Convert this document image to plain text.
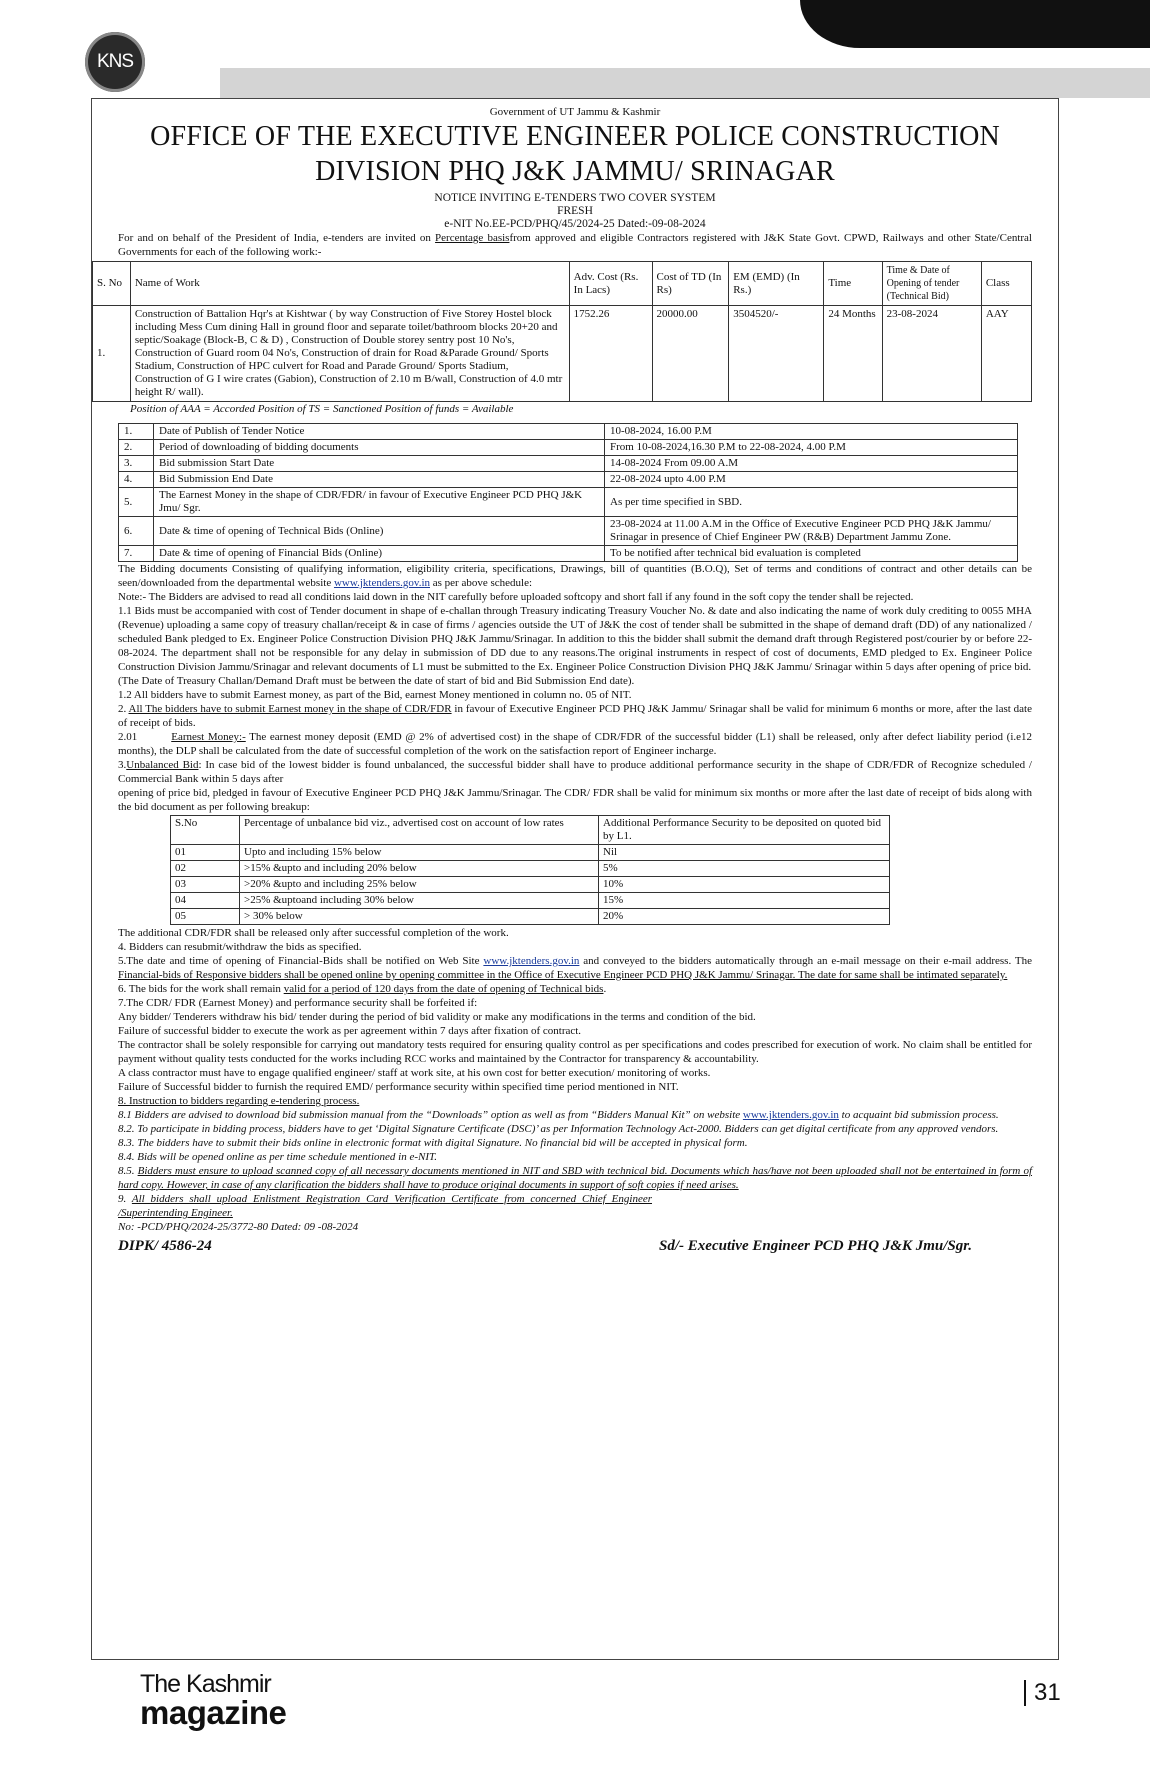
KNS
Government of UT Jammu & Kashmir
OFFICE OF THE EXECUTIVE ENGINEER POLICE CONSTRUCTION
DIVISION PHQ J&K JAMMU/ SRINAGAR
NOTICE INVITING E-TENDERS TWO COVER SYSTEM
FRESH
e-NIT No.EE-PCD/PHQ/45/2024-25 Dated:-09-08-2024

For and on behalf of the President of India, e-tenders are invited on Percentage basisfrom approved and eligible Contractors registered with J&K State Govt. CPWD, Railways and other State/Central Governments for each of the following work:-

S. No	Name of Work	Adv. Cost (Rs. In Lacs)	Cost of TD (In Rs)	EM (EMD) (In Rs.)	Time	Time & Date of Opening of tender (Technical Bid)	Class
1.	Construction of Battalion Hqr's at Kishtwar ( by way Construction of Five Storey Hostel block including Mess Cum dining Hall in ground floor and separate toilet/bathroom blocks 20+20 and septic/Soakage (Block-B, C & D) , Construction of Double storey sentry post 10 No's, Construction of Guard room 04 No's, Construction of drain for Road &Parade Ground/ Sports Stadium, Construction of HPC culvert for Road and Parade Ground/ Sports Stadium, Construction of G I wire crates (Gabion), Construction of 2.10 m B/wall, Construction of 4.0 mtr height R/ wall).	1752.26	20000.00	3504520/-	24 Months	23-08-2024	AAY
Position of AAA = Accorded Position of TS = Sanctioned Position of funds = Available
1.	Date of Publish of Tender Notice	10-08-2024, 16.00 P.M
2.	Period of downloading of bidding documents	From 10-08-2024,16.30 P.M to 22-08-2024, 4.00 P.M
3.	Bid submission Start Date	14-08-2024 From 09.00 A.M
4.	Bid Submission End Date	22-08-2024 upto 4.00 P.M
5.	The Earnest Money in the shape of CDR/FDR/ in favour of Executive Engineer PCD PHQ J&K Jmu/ Sgr.	As per time specified in SBD.
6.	Date & time of opening of Technical Bids (Online)	23-08-2024 at 11.00 A.M in the Office of Executive Engineer PCD PHQ J&K Jammu/ Srinagar in presence of Chief Engineer PW (R&B) Department Jammu Zone.
7.	Date & time of opening of Financial Bids (Online)	To be notified after technical bid evaluation is completed

The Bidding documents Consisting of qualifying information, eligibility criteria, specifications, Drawings, bill of quantities (B.O.Q), Set of terms and conditions of contract and other details can be seen/downloaded from the departmental website www.jktenders.gov.in as per above schedule:

Note:- The Bidders are advised to read all conditions laid down in the NIT carefully before uploaded softcopy and short fall if any found in the soft copy the tender shall be rejected.

1.1 Bids must be accompanied with cost of Tender document in shape of e-challan through Treasury indicating Treasury Voucher No. & date and also indicating the name of work duly crediting to 0055 MHA (Revenue) uploading a same copy of treasury challan/receipt & in case of firms / agencies outside the UT of J&K the cost of tender shall be submitted in the shape of demand draft (DD) of any nationalized / scheduled Bank pledged to Ex. Engineer Police Construction Division PHQ J&K Jammu/Srinagar. In addition to this the bidder shall submit the demand draft through Registered post/courier by or before 22-08-2024. The department shall not be responsible for any delay in submission of DD due to any reasons.The original instruments in respect of cost of documents, EMD pledged to Ex. Engineer Police Construction Division Jammu/Srinagar and relevant documents of L1 must be submitted to the Ex. Engineer Police Construction Division PHQ J&K Jammu/ Srinagar within 5 days after opening of price bid.

(The Date of Treasury Challan/Demand Draft must be between the date of start of bid and Bid Submission End date).

1.2 All bidders have to submit Earnest money, as part of the Bid, earnest Money mentioned in column no. 05 of NIT.

2. All The bidders have to submit Earnest money in the shape of CDR/FDR in favour of Executive Engineer PCD PHQ J&K Jammu/ Srinagar shall be valid for minimum 6 months or more, after the last date of receipt of bids.

2.01	Earnest Money:- The earnest money deposit (EMD @ 2% of advertised cost) in the shape of CDR/FDR of the successful bidder (L1) shall be released, only after defect liability period (i.e12 months), the DLP shall be calculated from the date of successful completion of the work on the satisfaction report of Engineer incharge.

3.Unbalanced Bid: In case bid of the lowest bidder is found unbalanced, the successful bidder shall have to produce additional performance security in the shape of CDR/FDR of Recognize scheduled / Commercial Bank within 5 days after

opening of price bid, pledged in favour of Executive Engineer PCD PHQ J&K Jammu/Srinagar. The CDR/ FDR shall be valid for minimum six months or more after the last date of receipt of bids along with the bid document as per following breakup:

S.No	Percentage of unbalance bid viz., advertised cost on account of low rates	Additional Performance Security to be deposited on quoted bid by L1.
01	Upto and including 15% below	Nil
02	>15% &upto and including 20% below	5%
03	>20% &upto and including 25% below	10%
04	>25% &uptoand including 30% below	15%
05	> 30% below	20%

The additional CDR/FDR shall be released only after successful completion of the work.

4. Bidders can resubmit/withdraw the bids as specified.

5.The date and time of opening of Financial-Bids shall be notified on Web Site www.jktenders.gov.in and conveyed to the bidders automatically through an e-mail message on their e-mail address. The Financial-bids of Responsive bidders shall be opened online by opening committee in the Office of Executive Engineer PCD PHQ J&K Jammu/ Srinagar. The date for same shall be intimated separately.

6. The bids for the work shall remain valid for a period of 120 days from the date of opening of Technical bids.

7.The CDR/ FDR (Earnest Money) and performance security shall be forfeited if:

Any bidder/ Tenderers withdraw his bid/ tender during the period of bid validity or make any modifications in the terms and condition of the bid.

Failure of successful bidder to execute the work as per agreement within 7 days after fixation of contract.

The contractor shall be solely responsible for carrying out mandatory tests required for ensuring quality control as per specifications and codes prescribed for execution of work. No claim shall be entitled for payment without quality tests conducted for the works including RCC works and maintained by the Contractor for transparency & accountability.

A class contractor must have to engage qualified engineer/ staff at work site, at his own cost for better execution/ monitoring of works.

Failure of Successful bidder to furnish the required EMD/ performance security within specified time period mentioned in NIT.

8. Instruction to bidders regarding e-tendering process.

8.1 Bidders are advised to download bid submission manual from the “Downloads” option as well as from “Bidders Manual Kit” on website www.jktenders.gov.in to acquaint bid submission process.

8.2. To participate in bidding process, bidders have to get ‘Digital Signature Certificate (DSC)’ as per Information Technology Act-2000. Bidders can get digital certificate from any approved vendors.

8.3. The bidders have to submit their bids online in electronic format with digital Signature. No financial bid will be accepted in physical form.

8.4. Bids will be opened online as per time schedule mentioned in e-NIT.

8.5. Bidders must ensure to upload scanned copy of all necessary documents mentioned in NIT and SBD with technical bid. Documents which has/have not been uploaded shall not be entertained in form of hard copy. However, in case of any clarification the bidders shall have to produce original documents in support of soft copies if need arises.

9. All bidders shall upload Enlistment Registration Card Verification Certificate from concerned Chief Engineer /Superintending Engineer.

No: -PCD/PHQ/2024-25/3772-80 Dated: 09 -08-2024

DIPK/ 4586-24	Sd/- Executive Engineer PCD PHQ J&K Jmu/Sgr.
The Kashmir
magazine
31
